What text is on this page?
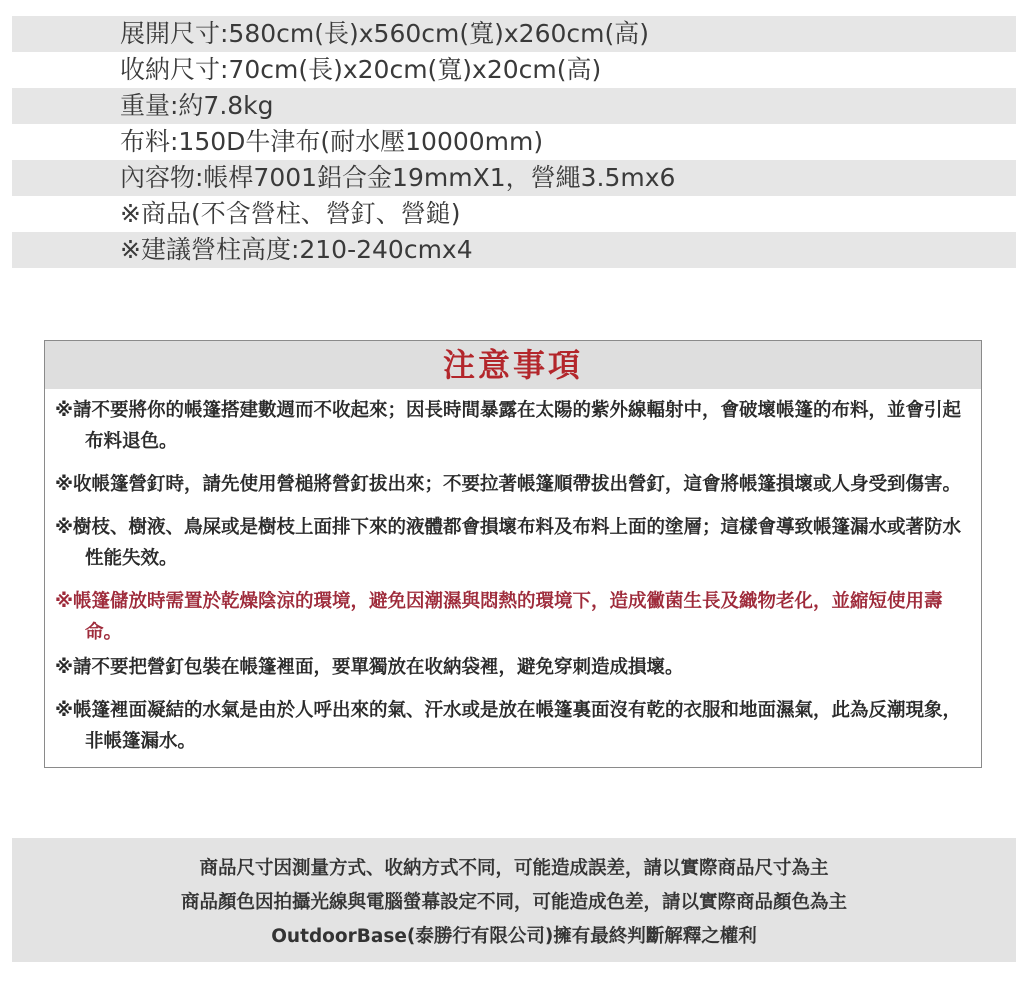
展開尺寸:580cm(長)x560cm(寬)x260cm(高)
收納尺寸:70cm(長)x20cm(寬)x20cm(高)
重量:約7.8kg
布料:150D牛津布(耐水壓10000mm)
內容物:帳桿7001鋁合金19mmX1，營繩3.5mx6
※商品(不含營柱、營釘、營鎚)
※建議營柱高度:210-240cmx4
注意事項
※請不要將你的帳篷搭建數週而不收起來；因長時間暴露在太陽的紫外線輻射中，會破壞帳篷的布料，並會引起布料退色。
※收帳篷營釘時，請先使用營槌將營釘拔出來；不要拉著帳篷順帶拔出營釘，這會將帳篷損壞或人身受到傷害。
※樹枝、樹液、鳥屎或是樹枝上面排下來的液體都會損壞布料及布料上面的塗層；這樣會導致帳篷漏水或著防水性能失效。
※帳篷儲放時需置於乾燥陰涼的環境，避免因潮濕與悶熱的環境下，造成黴菌生長及織物老化，並縮短使用壽命。
※請不要把營釘包裝在帳篷裡面，要單獨放在收納袋裡，避免穿刺造成損壞。
※帳篷裡面凝結的水氣是由於人呼出來的氣、汗水或是放在帳篷裏面沒有乾的衣服和地面濕氣，此為反潮現象， 非帳篷漏水。
商品尺寸因測量方式、收納方式不同，可能造成誤差，請以實際商品尺寸為主
商品顏色因拍攝光線與電腦螢幕設定不同，可能造成色差，請以實際商品顏色為主
OutdoorBase(泰勝行有限公司)擁有最終判斷解釋之權利
